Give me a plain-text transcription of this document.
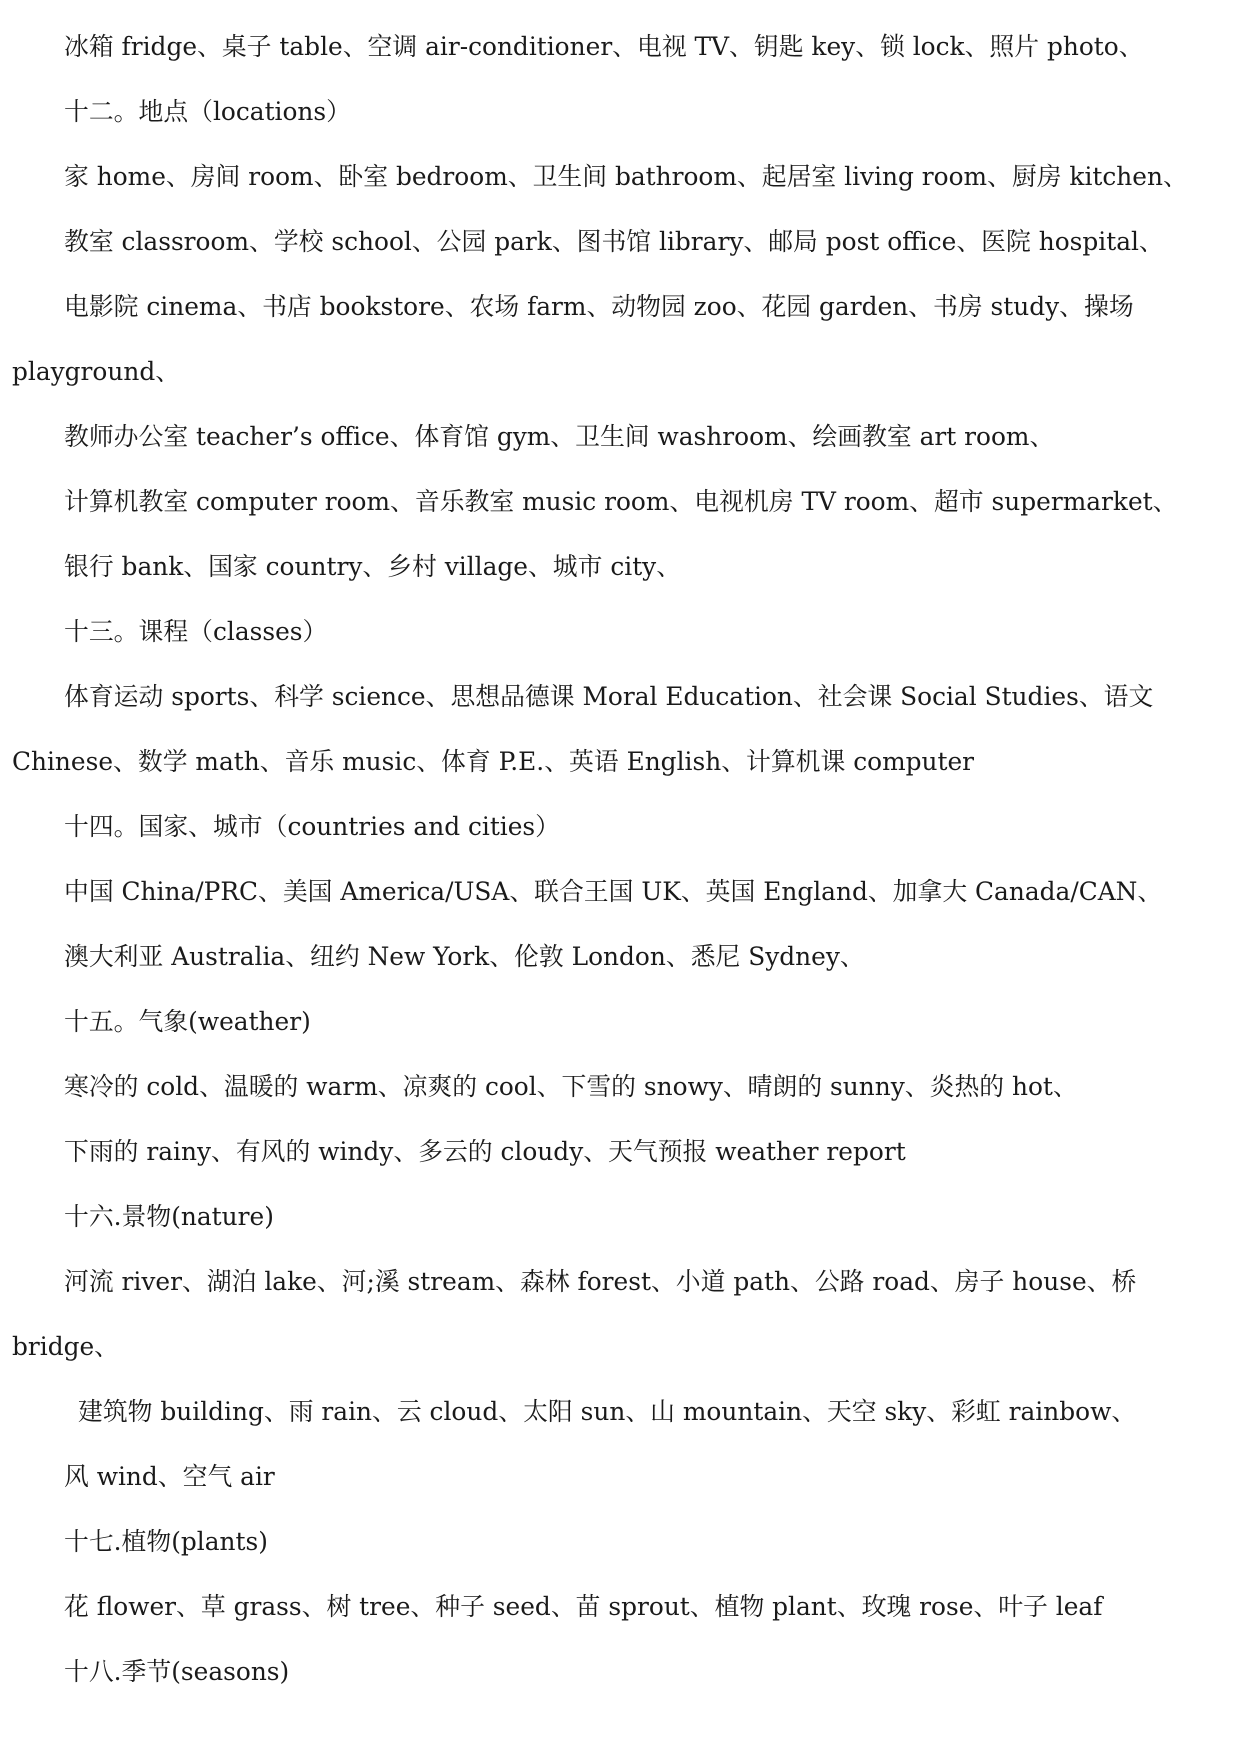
冰箱 fridge、桌子 table、空调 air-conditioner、电视 TV、钥匙 key、锁 lock、照片 photo、

十二。地点（locations）

家 home、房间 room、卧室 bedroom、卫生间 bathroom、起居室 living room、厨房 kitchen、

教室 classroom、学校 school、公园 park、图书馆 library、邮局 post office、医院 hospital、

电影院 cinema、书店 bookstore、农场 farm、动物园 zoo、花园 garden、书房 study、操场

playground、

教师办公室 teacher’s office、体育馆 gym、卫生间 washroom、绘画教室 art room、

计算机教室 computer room、音乐教室 music room、电视机房 TV room、超市 supermarket、

银行 bank、国家 country、乡村 village、城市 city、

十三。课程（classes）

体育运动 sports、科学 science、思想品德课 Moral Education、社会课 Social Studies、语文

Chinese、数学 math、音乐 music、体育 P.E.、英语 English、计算机课 computer

十四。国家、城市（countries and cities）

中国 China/PRC、美国 America/USA、联合王国 UK、英国 England、加拿大 Canada/CAN、

澳大利亚 Australia、纽约 New York、伦敦 London、悉尼 Sydney、

十五。气象(weather)

寒冷的 cold、温暖的 warm、凉爽的 cool、下雪的 snowy、晴朗的 sunny、炎热的 hot、

下雨的 rainy、有风的 windy、多云的 cloudy、天气预报 weather report

十六.景物(nature)

河流 river、湖泊 lake、河;溪 stream、森林 forest、小道 path、公路 road、房子 house、桥

bridge、

建筑物 building、雨 rain、云 cloud、太阳 sun、山 mountain、天空 sky、彩虹 rainbow、

风 wind、空气 air

十七.植物(plants)

花 flower、草 grass、树 tree、种子 seed、苗 sprout、植物 plant、玫瑰 rose、叶子 leaf

十八.季节(seasons)
